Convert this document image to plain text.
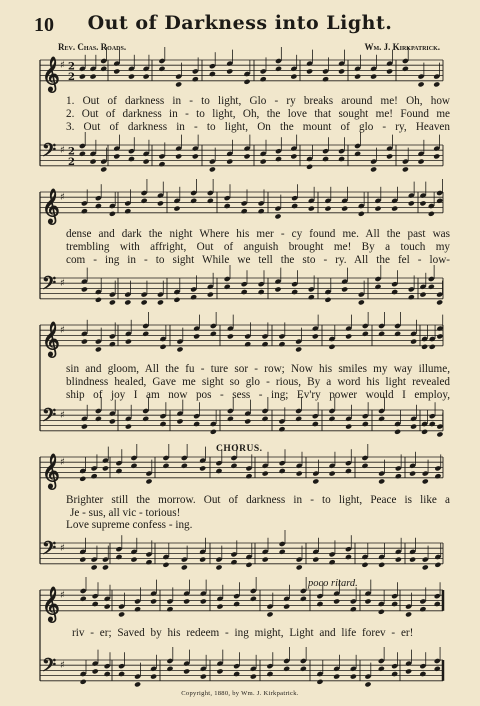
10	Out of Darkness into Light.
Rev. Chas. Roads.	Wm. J. Kirkpatrick.
𝄞 ♯ 2
2
𝄢 ♯ 2
2
𝄞 ♯
𝄢 ♯
𝄞 ♯
𝄢 ♯
𝄞 ♯
𝄢 ♯
𝄞 ♯
𝄢 ♯
1. Out of darkness in - to light, Glo - ry breaks around me! Oh, how
2. Out of darkness in - to light, Oh, the love that sought me! Found me
3. Out of darkness in - to light, On the mount of glo - ry, Heaven
dense and dark the night Where his mer - cy found me. All the past was
trembling with affright, Out of anguish brought me! By a touch my
com - ing in - to sight While we tell the sto - ry. All the fel - low-
sin and gloom, All the fu - ture sor - row; Now his smiles my way illume,
blindness healed, Gave me sight so glo - rious, By a word his light revealed
ship of joy I am now pos - sess - ing; Ev'ry power would I employ,
CHORUS.
Brighter still the morrow. Out of darkness in - to light, Peace is like a
Je - sus, all vic - torious!
Love supreme confess - ing.
poco ritard.
riv - er; Saved by his redeem - ing might, Light and life forev - er!
Copyright, 1880, by Wm. J. Kirkpatrick.
